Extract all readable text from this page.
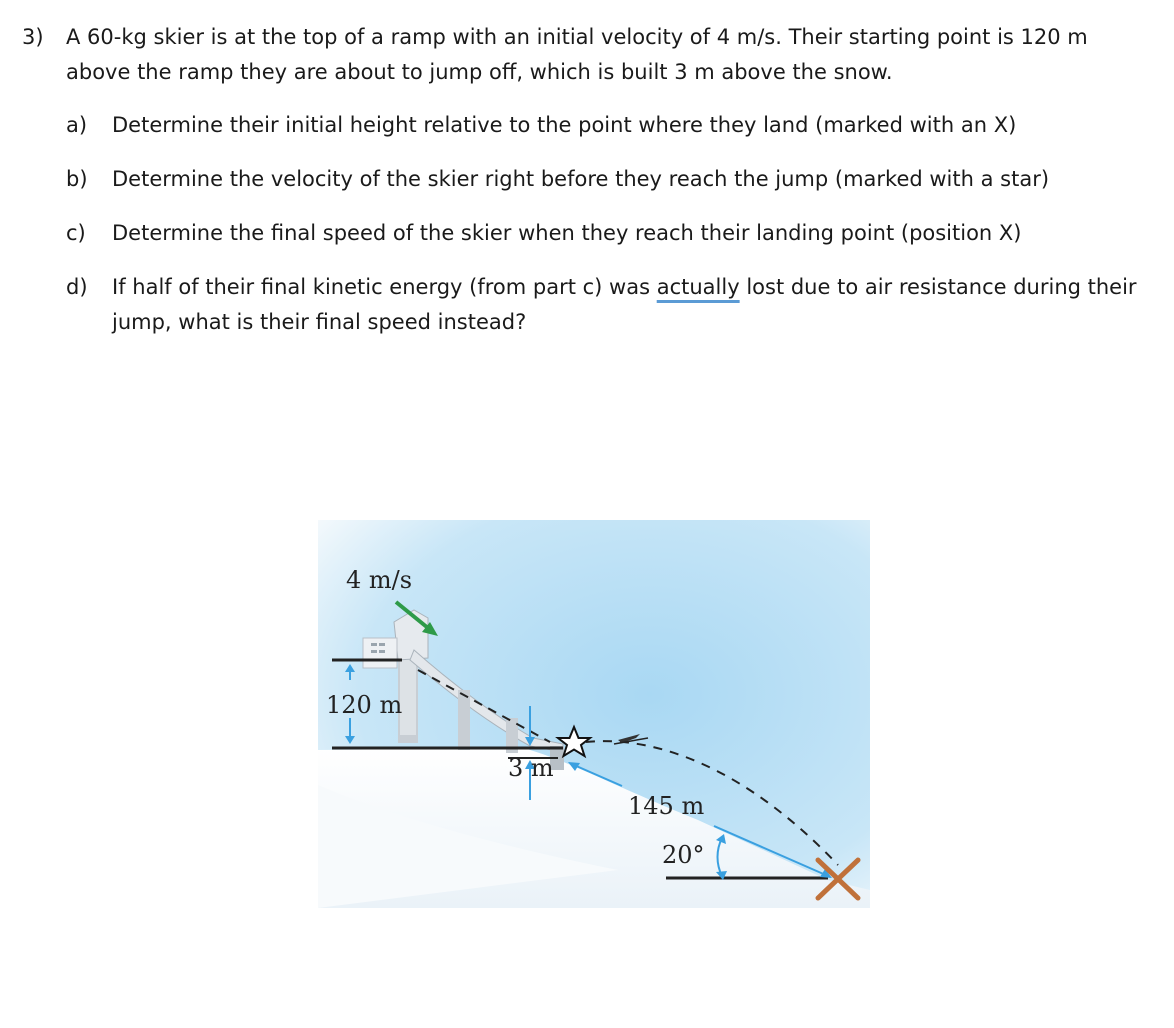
3)	A 60-kg skier is at the top of a ramp with an initial velocity of 4 m/s. Their starting point is 120 m above the ramp they are about to jump off, which is built 3 m above the snow.
a)	Determine their initial height relative to the point where they land (marked with an X)
b)	Determine the velocity of the skier right before they reach the jump (marked with a star)
c)	Determine the final speed of the skier when they reach their landing point (position X)
d)	If half of their final kinetic energy (from part c) was actually lost due to air resistance during their jump, what is their final speed instead?
4 m/s
120 m
3 m
145 m
20°
